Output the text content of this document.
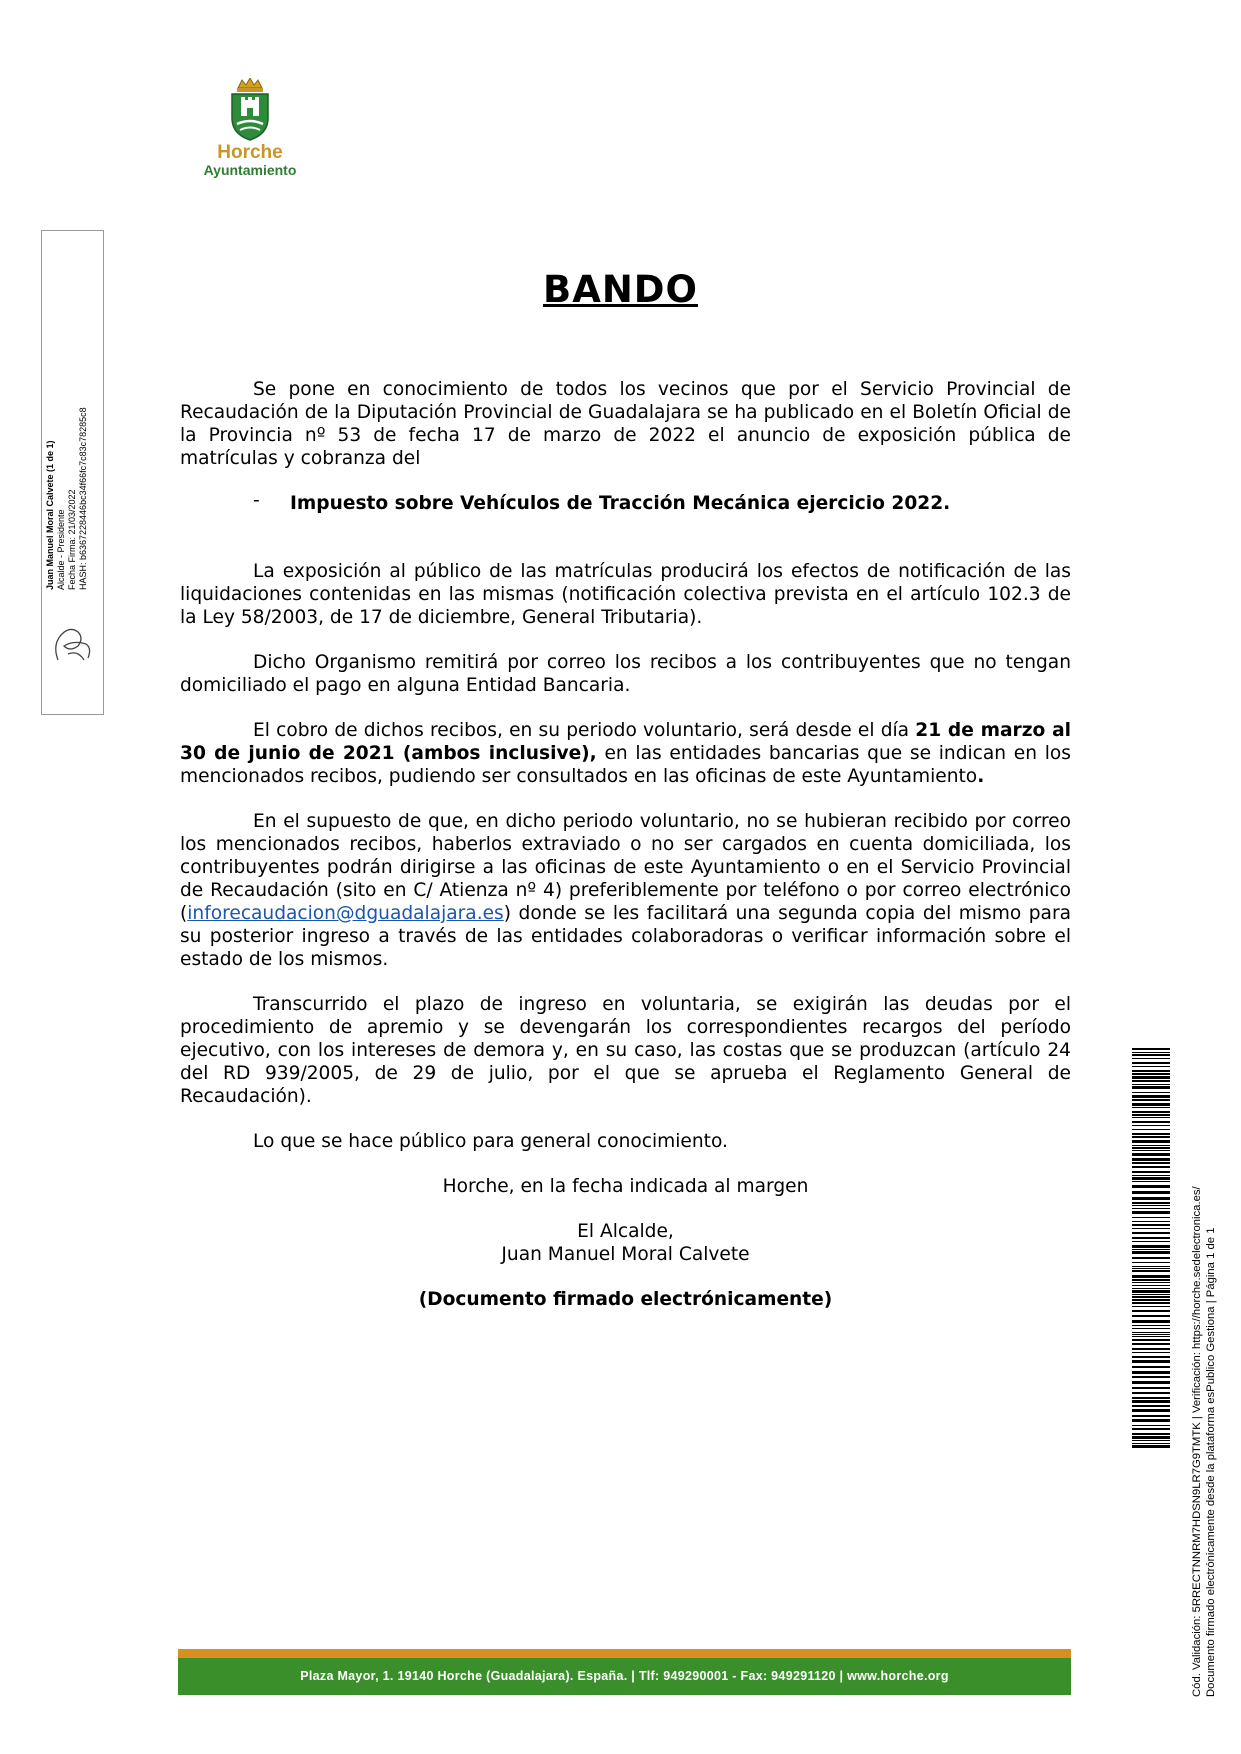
Horche
Ayuntamiento
Juan Manuel Moral Calvete (1 de 1) Alcalde - Presidente Fecha Firma: 21/03/2022 HASH: b6367228446bc34f66fc7c83c78285c8
BANDO

Se pone en conocimiento de todos los vecinos que por el Servicio Provincial de Recaudación de la Diputación Provincial de Guadalajara se ha publicado en el Boletín Oficial de la Provincia nº 53 de fecha 17 de marzo de 2022 el anuncio de exposición pública de matrículas y cobranza del

-	Impuesto sobre Vehículos de Tracción Mecánica ejercicio 2022.

La exposición al público de las matrículas producirá los efectos de notificación de las liquidaciones contenidas en las mismas (notificación colectiva prevista en el artículo 102.3 de la Ley 58/2003, de 17 de diciembre, General Tributaria).

Dicho Organismo remitirá por correo los recibos a los contribuyentes que no tengan domiciliado el pago en alguna Entidad Bancaria.

El cobro de dichos recibos, en su periodo voluntario, será desde el día 21 de marzo al 30 de junio de 2021 (ambos inclusive), en las entidades bancarias que se indican en los mencionados recibos, pudiendo ser consultados en las oficinas de este Ayuntamiento.

En el supuesto de que, en dicho periodo voluntario, no se hubieran recibido por correo los mencionados recibos, haberlos extraviado o no ser cargados en cuenta domiciliada, los contribuyentes podrán dirigirse a las oficinas de este Ayuntamiento o en el Servicio Provincial de Recaudación (sito en C/ Atienza nº 4) preferiblemente por teléfono o por correo electrónico (inforecaudacion@dguadalajara.es) donde se les facilitará una segunda copia del mismo para su posterior ingreso a través de las entidades colaboradoras o verificar información sobre el estado de los mismos.

Transcurrido el plazo de ingreso en voluntaria, se exigirán las deudas por el procedimiento de apremio y se devengarán los correspondientes recargos del período ejecutivo, con los intereses de demora y, en su caso, las costas que se produzcan (artículo 24 del RD 939/2005, de 29 de julio, por el que se aprueba el Reglamento General de Recaudación).

Lo que se hace público para general conocimiento.
Horche, en la fecha indicada al margen
El Alcalde,
Juan Manuel Moral Calvete
(Documento firmado electrónicamente)
Plaza Mayor, 1. 19140 Horche (Guadalajara). España. | Tlf: 949290001 - Fax: 949291120 | www.horche.org	Cód. Validación: 5RRECTNNRM7HDSN9LR7G9TMTK | Verificación: https://horche.sedelectronica.es/ Documento firmado electrónicamente desde la plataforma esPublico Gestiona | Página 1 de 1
